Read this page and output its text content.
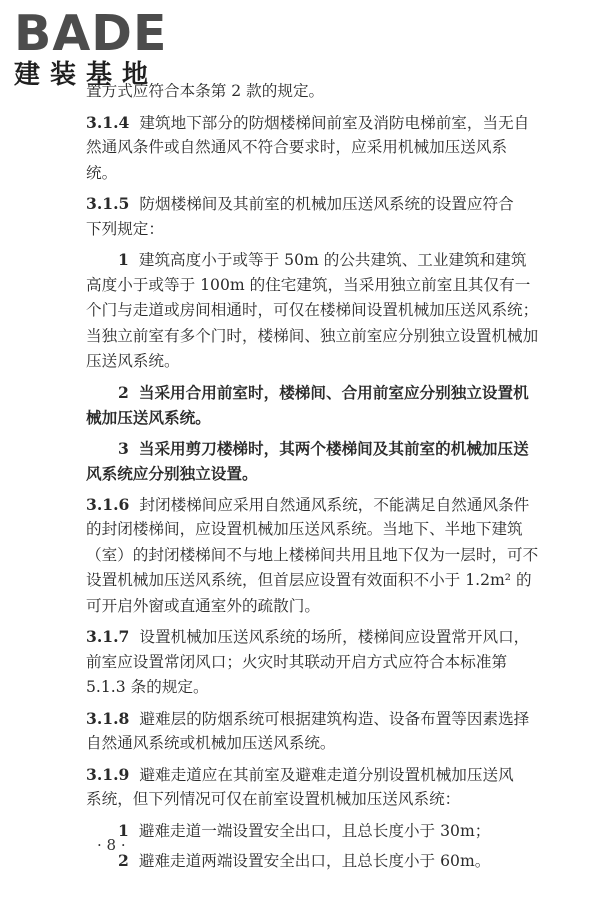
BADE
建装基地
置方式应符合本条第 2 款的规定。
3.1.4 建筑地下部分的防烟楼梯间前室及消防电梯前室，当无自
然通风条件或自然通风不符合要求时，应采用机械加压送风系
统。
3.1.5 防烟楼梯间及其前室的机械加压送风系统的设置应符合
下列规定：
1 建筑高度小于或等于 50m 的公共建筑、工业建筑和建筑
高度小于或等于 100m 的住宅建筑，当采用独立前室且其仅有一
个门与走道或房间相通时，可仅在楼梯间设置机械加压送风系统；
当独立前室有多个门时，楼梯间、独立前室应分别独立设置机械加
压送风系统。
2 当采用合用前室时，楼梯间、合用前室应分别独立设置机
械加压送风系统。
3 当采用剪刀楼梯时，其两个楼梯间及其前室的机械加压送
风系统应分别独立设置。
3.1.6 封闭楼梯间应采用自然通风系统，不能满足自然通风条件
的封闭楼梯间，应设置机械加压送风系统。当地下、半地下建筑
（室）的封闭楼梯间不与地上楼梯间共用且地下仅为一层时，可不
设置机械加压送风系统，但首层应设置有效面积不小于 1.2m² 的
可开启外窗或直通室外的疏散门。
3.1.7 设置机械加压送风系统的场所，楼梯间应设置常开风口，
前室应设置常闭风口；火灾时其联动开启方式应符合本标准第
5.1.3 条的规定。
3.1.8 避难层的防烟系统可根据建筑构造、设备布置等因素选择
自然通风系统或机械加压送风系统。
3.1.9 避难走道应在其前室及避难走道分别设置机械加压送风
系统，但下列情况可仅在前室设置机械加压送风系统：
1 避难走道一端设置安全出口，且总长度小于 30m；
2 避难走道两端设置安全出口，且总长度小于 60m。
· 8 ·
